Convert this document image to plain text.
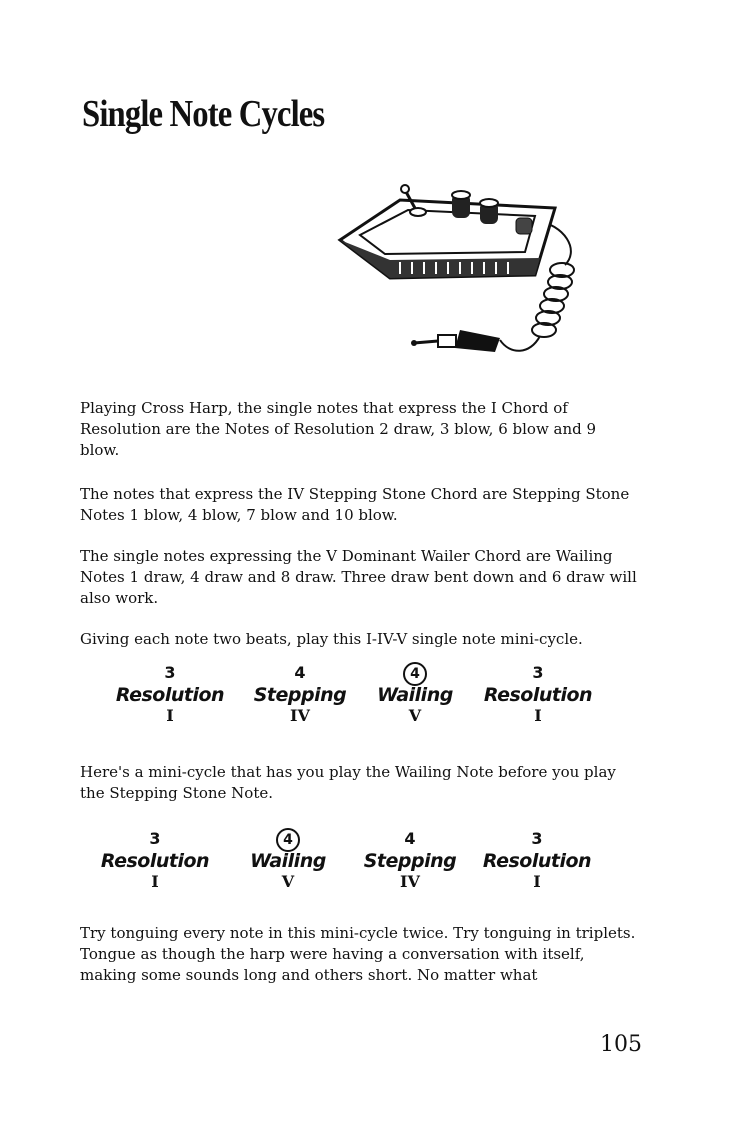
Single Note Cycles

Playing Cross Harp, the single notes that express the I Chord of Resolution are the Notes of Resolution 2 draw, 3 blow, 6 blow and 9 blow.

The notes that express the IV Stepping Stone Chord are Stepping Stone Notes 1 blow, 4 blow, 7 blow and 10 blow.

The single notes expressing the V Dominant Wailer Chord are Wailing Notes 1 draw, 4 draw and 8 draw. Three draw bent down and 6 draw will also work.

Giving each note two beats, play this I-IV-V single note mini-cycle.

3
Resolution
I
4
Stepping
IV
4
Wailing
V
3
Resolution
I

Here's a mini-cycle that has you play the Wailing Note before you play the Stepping Stone Note.

3
Resolution
I
4
Wailing
V
4
Stepping
IV
3
Resolution
I

Try tonguing every note in this mini-cycle twice. Try tonguing in triplets. Tongue as though the harp were having a conversation with itself, making some sounds long and others short. No matter what

105
